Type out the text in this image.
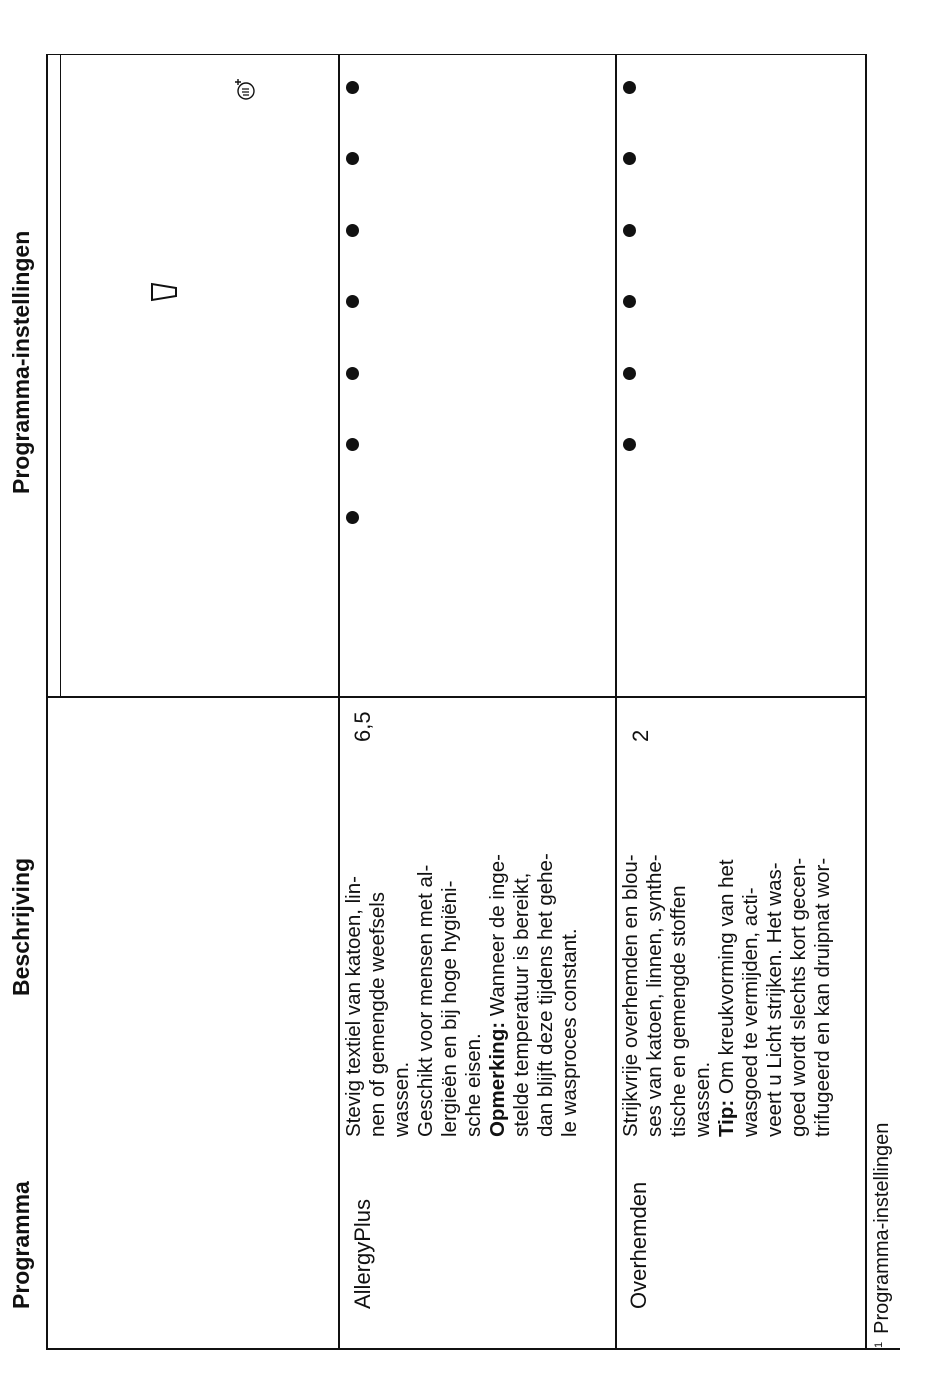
Programma
Beschrijving
Programma-instellingen
AllergyPlus

Stevig textiel van katoen, lin- nen of gemengde weefsels wassen. Geschikt voor mensen met al- lergieën en bij hoge hygiëni- sche eisen. Opmerking: Wanneer de inge- stelde temperatuur is bereikt, dan blijft deze tijdens het gehe- le wasproces constant.

6,5
Overhemden

Strijkvrije overhemden en blou- ses van katoen, linnen, synthe- tische en gemengde stoffen wassen. Tip: Om kreukvorming van het wasgoed te vermijden, acti- veert u Licht strijken. Het was- goed wordt slechts kort gecen- trifugeerd en kan druipnat wor-

2
$^1$Programma-instellingen
